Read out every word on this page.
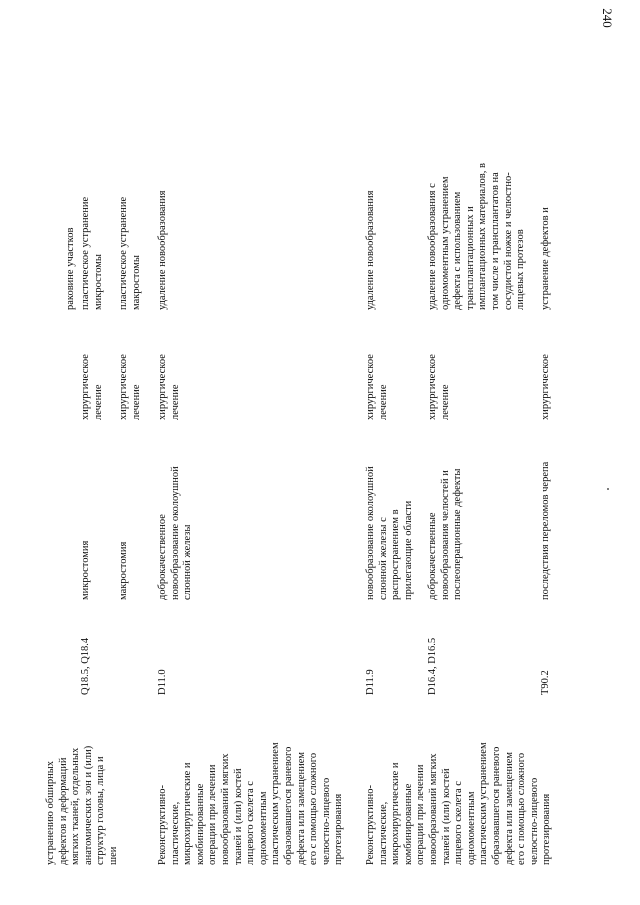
240
устранению обширных
дефектов и деформаций
мягких тканей, отдельных
анатомических зон и (или)
структур головы, лица и
шеи
Q18.5, Q18.4
микростомия
хирургическое
лечение
пластическое устранение
микростомы
раковине участков
макростомия
хирургическое
лечение
пластическое устранение
макростомы
Реконструктивно-
пластические,
микрохирургические и
комбинированные
операции при лечении
новообразований мягких
тканей и (или) костей
лицевого скелета с
одномоментным
пластическим устранением
образовавшегося раневого
дефекта или замещением
его с помощью сложного
челюстно-лицевого
протезирования
D11.0
доброкачественное
новообразование околоушной
слюнной железы
хирургическое
лечение
удаление новообразования
D11.9
новообразование околоушной
слюнной железы с
распространением в
прилегающие области
хирургическое
лечение
удаление новообразования
D16.4, D16.5
доброкачественные
новообразования челюстей и
послеоперационные дефекты
хирургическое
лечение
удаление новообразования с
одномоментным устранением
дефекта с использованием
трансплантационных и
имплантационных материалов, в
том числе и трансплантатов на
сосудистой ножке и челюстно-
лицевых протезов
Реконструктивно-
пластические,
микрохирургические и
комбинированные
операции при лечении
новообразований мягких
тканей и (или) костей
лицевого скелета с
одномоментным
пластическим устранением
образовавшегося раневого
дефекта или замещением
его с помощью сложного
челюстно-лицевого
протезирования
T90.2
последствия переломов черепа
хирургическое
устранение дефектов и
